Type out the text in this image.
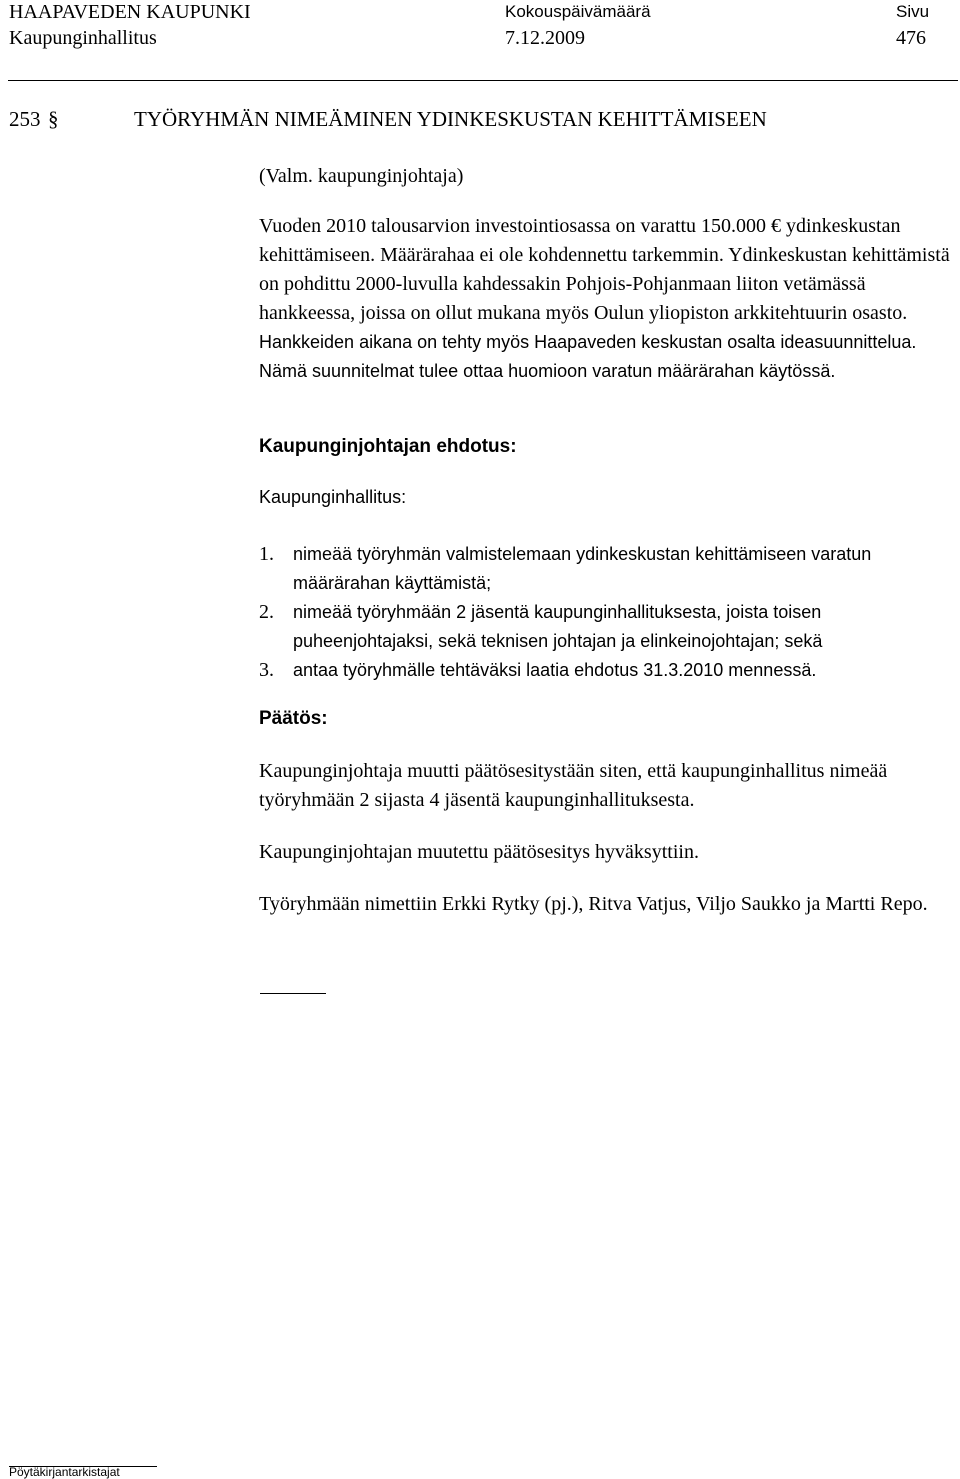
HAAPAVEDEN KAUPUNKI
Kaupunginhallitus
Kokouspäivämäärä
7.12.2009
Sivu
476
253 §	TYÖRYHMÄN NIMEÄMINEN YDINKESKUSTAN KEHITTÄMISEEN
(Valm. kaupunginjohtaja)

Vuoden 2010 talousarvion investointiosassa on varattu 150.000 € ydinkeskustan kehittämiseen. Määrärahaa ei ole kohdennettu tarkemmin. Ydinkeskustan kehittämistä on pohdittu 2000-luvulla kahdessakin Pohjois-Pohjanmaan liiton vetämässä hankkeessa, joissa on ollut mukana myös Oulun yliopiston arkkitehtuurin osasto. Hankkeiden aikana on tehty myös Haapaveden keskustan osalta ideasuunnittelua. Nämä suunnitelmat tulee ottaa huomioon varatun määrärahan käytössä.

Kaupunginjohtajan ehdotus:
Kaupunginhallitus:
1. nimeää työryhmän valmistelemaan ydinkeskustan kehittämiseen varatun määrärahan käyttämistä;
2. nimeää työryhmään 2 jäsentä kaupunginhallituksesta, joista toisen puheenjohtajaksi, sekä teknisen johtajan ja elinkeinojohtajan; sekä
3. antaa työryhmälle tehtäväksi laatia ehdotus 31.3.2010 mennessä.
Päätös:

Kaupunginjohtaja muutti päätösesitystään siten, että kaupunginhallitus nimeää työryhmään 2 sijasta 4 jäsentä kaupunginhallituksesta.

Kaupunginjohtajan muutettu päätösesitys hyväksyttiin.

Työryhmään nimettiin Erkki Rytky (pj.), Ritva Vatjus, Viljo Saukko ja Martti Repo.

Pöytäkirjantarkistajat
